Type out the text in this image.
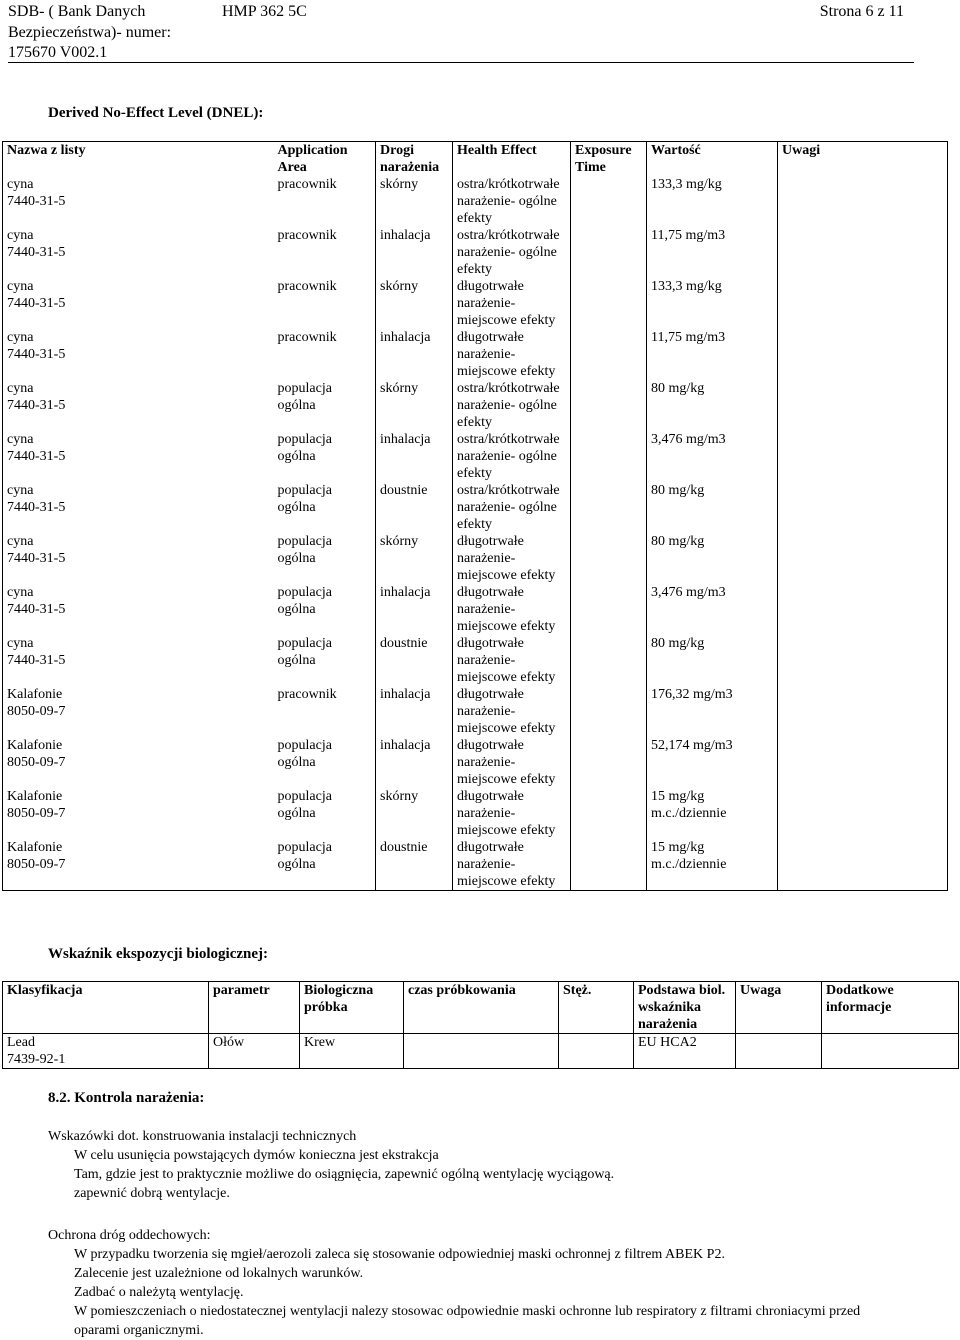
SDB- ( Bank Danych	HMP 362 5C	Strona 6 z 11
Bezpieczeństwa)- numer:
175670 V002.1
Derived No-Effect Level (DNEL):
Nazwa z listy	Application Area	Drogi narażenia	Health Effect	Exposure Time	Wartość	Uwagi
cyna
7440-31-5	pracownik	skórny	ostra/krótkotrwałe narażenie- ogólne efekty		133,3 mg/kg	
cyna
7440-31-5	pracownik	inhalacja	ostra/krótkotrwałe narażenie- ogólne efekty		11,75 mg/m3	
cyna
7440-31-5	pracownik	skórny	długotrwałe narażenie- miejscowe efekty		133,3 mg/kg	
cyna
7440-31-5	pracownik	inhalacja	długotrwałe narażenie- miejscowe efekty		11,75 mg/m3	
cyna
7440-31-5	populacja ogólna	skórny	ostra/krótkotrwałe narażenie- ogólne efekty		80 mg/kg	
cyna
7440-31-5	populacja ogólna	inhalacja	ostra/krótkotrwałe narażenie- ogólne efekty		3,476 mg/m3	
cyna
7440-31-5	populacja ogólna	doustnie	ostra/krótkotrwałe narażenie- ogólne efekty		80 mg/kg	
cyna
7440-31-5	populacja ogólna	skórny	długotrwałe narażenie- miejscowe efekty		80 mg/kg	
cyna
7440-31-5	populacja ogólna	inhalacja	długotrwałe narażenie- miejscowe efekty		3,476 mg/m3	
cyna
7440-31-5	populacja ogólna	doustnie	długotrwałe narażenie- miejscowe efekty		80 mg/kg	
Kalafonie
8050-09-7	pracownik	inhalacja	długotrwałe narażenie- miejscowe efekty		176,32 mg/m3	
Kalafonie
8050-09-7	populacja ogólna	inhalacja	długotrwałe narażenie- miejscowe efekty		52,174 mg/m3	
Kalafonie
8050-09-7	populacja ogólna	skórny	długotrwałe narażenie- miejscowe efekty		15 mg/kg m.c./dziennie	
Kalafonie
8050-09-7	populacja ogólna	doustnie	długotrwałe narażenie- miejscowe efekty		15 mg/kg m.c./dziennie	
Wskaźnik ekspozycji biologicznej:
Klasyfikacja	parametr	Biologiczna próbka	czas próbkowania	Stęż.	Podstawa biol. wskaźnika narażenia	Uwaga	Dodatkowe informacje
Lead
7439-92-1	Ołów	Krew			EU HCA2		
8.2. Kontrola narażenia:
Wskazówki dot. konstruowania instalacji technicznych
W celu usunięcia powstających dymów konieczna jest ekstrakcja
Tam, gdzie jest to praktycznie możliwe do osiągnięcia, zapewnić ogólną wentylację wyciągową.
zapewnić dobrą wentylacje.
Ochrona dróg oddechowych:
W przypadku tworzenia się mgieł/aerozoli zaleca się stosowanie odpowiedniej maski ochronnej z filtrem ABEK P2.
Zalecenie jest uzależnione od lokalnych warunków.
Zadbać o należytą wentylację.
W pomieszczeniach o niedostatecznej wentylacji nalezy stosowac odpowiednie maski ochronne lub respiratory z filtrami chroniacymi przed oparami organicznymi.
